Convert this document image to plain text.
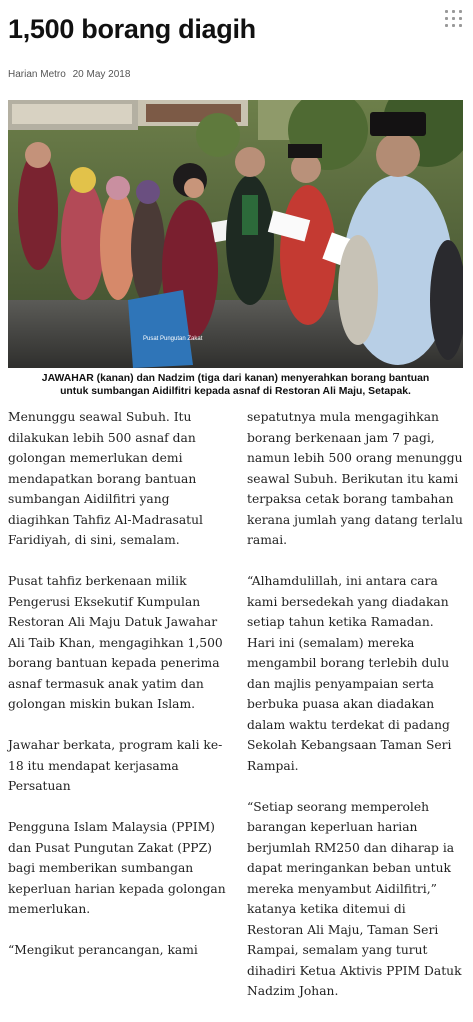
1,500 borang diagih
Harian Metro 20 May 2018
Pusat Pungutan Zakat
JAWAHAR (kanan) dan Nadzim (tiga dari kanan) menyerahkan borang bantuan
untuk sumbangan Aidilfitri kepada asnaf di Restoran Ali Maju, Setapak.

Menunggu seawal Subuh. Itu dilakukan lebih 500 asnaf dan golongan memerlukan demi mendapatkan borang bantuan sumbangan Aidilfitri yang diagihkan Tahfiz Al-Madrasatul Faridiyah, di sini, semalam.

Pusat tahfiz berkenaan milik Pengerusi Eksekutif Kumpulan Restoran Ali Maju Datuk Jawahar Ali Taib Khan, mengagihkan 1,500 borang bantuan kepada penerima asnaf termasuk anak yatim dan golongan miskin bukan Islam.

Jawahar berkata, program kali ke-18 itu mendapat kerjasama Persatuan

Pengguna Islam Malaysia (PPIM) dan Pusat Pungutan Zakat (PPZ) bagi memberikan sumbangan keperluan harian kepada golongan memerlukan.

“Mengikut perancangan, kami

sepatutnya mula mengagihkan borang berkenaan jam 7 pagi, namun lebih 500 orang menunggu seawal Subuh. Berikutan itu kami terpaksa cetak borang tambahan kerana jumlah yang datang terlalu ramai.

“Alhamdulillah, ini antara cara kami bersedekah yang diadakan setiap tahun ketika Ramadan. Hari ini (semalam) mereka mengambil borang terlebih dulu dan majlis penyampaian serta berbuka puasa akan diadakan dalam waktu terdekat di padang Sekolah Kebangsaan Taman Seri Rampai.

“Setiap seorang memperoleh barangan keperluan harian berjumlah RM250 dan diharap ia dapat meringankan beban untuk mereka menyambut Aidilfitri,” katanya ketika ditemui di Restoran Ali Maju, Taman Seri Rampai, semalam yang turut dihadiri Ketua Aktivis PPIM Datuk Nadzim Johan.
